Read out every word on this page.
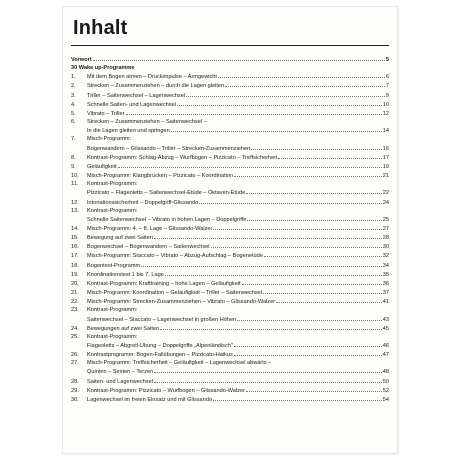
Inhalt
Vorwort	5
30 Wake up-Programme
1.	Mit dem Bogen atmen – Druckimpulse – Armgewicht	6
2.	Strecken – Zusammenziehen – durch die Lagen gleiten	7
3.	Triller – Saitenwechsel – Lagenwechsel	9
4.	Schnelle Saiten- und Lagenwechsel	10
5.	Vibrato – Triller	12
6.	Strecken – Zusammenziehen – Saitenwechsel –
In die Lagen gleiten und springen	14
7.	Misch-Programm:
Bogenwandern – Glissando – Triller – Strecken-Zusammenziehen	16
8.	Kontrast-Programm: Schlag-Abzug – Wurfbogen – Pizzicato – Treffsicherheit	17
9.	Geläufigkeit	19
10.	Misch-Programm: Klangbrücken – Pizzicato – Koordination	21
11.	Kontrast-Programm:
Pizzicato – Flageoletts – Saitenwechsel-Etüde – Oktaven-Etüde	22
12.	Intonationssicherheit – Doppelgriff-Glissando	24
13.	Kontrast-Programm:
Schnelle Saitenwechsel – Vibrato in hohen Lagen – Doppelgriffe	25
14.	Misch-Programm: 4. – 8. Lage – Glissando-Walzer	27
15.	Bewegung auf zwei Saiten	28
16.	Bogenwechsel – Bogenwandern – Saitenwechsel	30
17.	Misch-Programm: Staccato – Vibrato – Abzug-Aufschlag – Bogenetüde	32
18.	Bogentest-Programm	34
19.	Koordinationstest 1 bis 7. Lage	35
20.	Kontrast-Programm: Krafttraining – hohe Lagen – Geläufigkeit	36
21.	Misch-Programm: Koordination – Geläufigkeit – Triller – Saitenwechsel	37
22.	Misch-Programm: Strecken-Zusammenziehen – Vibrato – Glissando-Walzer	41
23.	Kontrast-Programm:
Saitenwechsel – Staccato – Lagenwechsel in großen Höhen	43
24.	Bewegungen auf zwei Saiten	45
25.	Kontrast-Programm:
Flageoletts – Abgreif-Übung – Doppelgriffe „Alpenländisch“	46
26.	Kontrastprogramm: Bogen-Fallübungen – Pizzicato-Haikus	47
27.	Misch-Programm: Treffsicherheit – Geläufigkeit – Lagenwechsel abwärts –
Quinten – Sexten – Terzen	48
28.	Saiten- und Lagenwechsel	50
29.	Kontrast-Programm: Pizzicato – Wurfbogen – Glissando-Walzer	52
30.	Lagenwechsel im freien Einsatz und mit Glissando	54
